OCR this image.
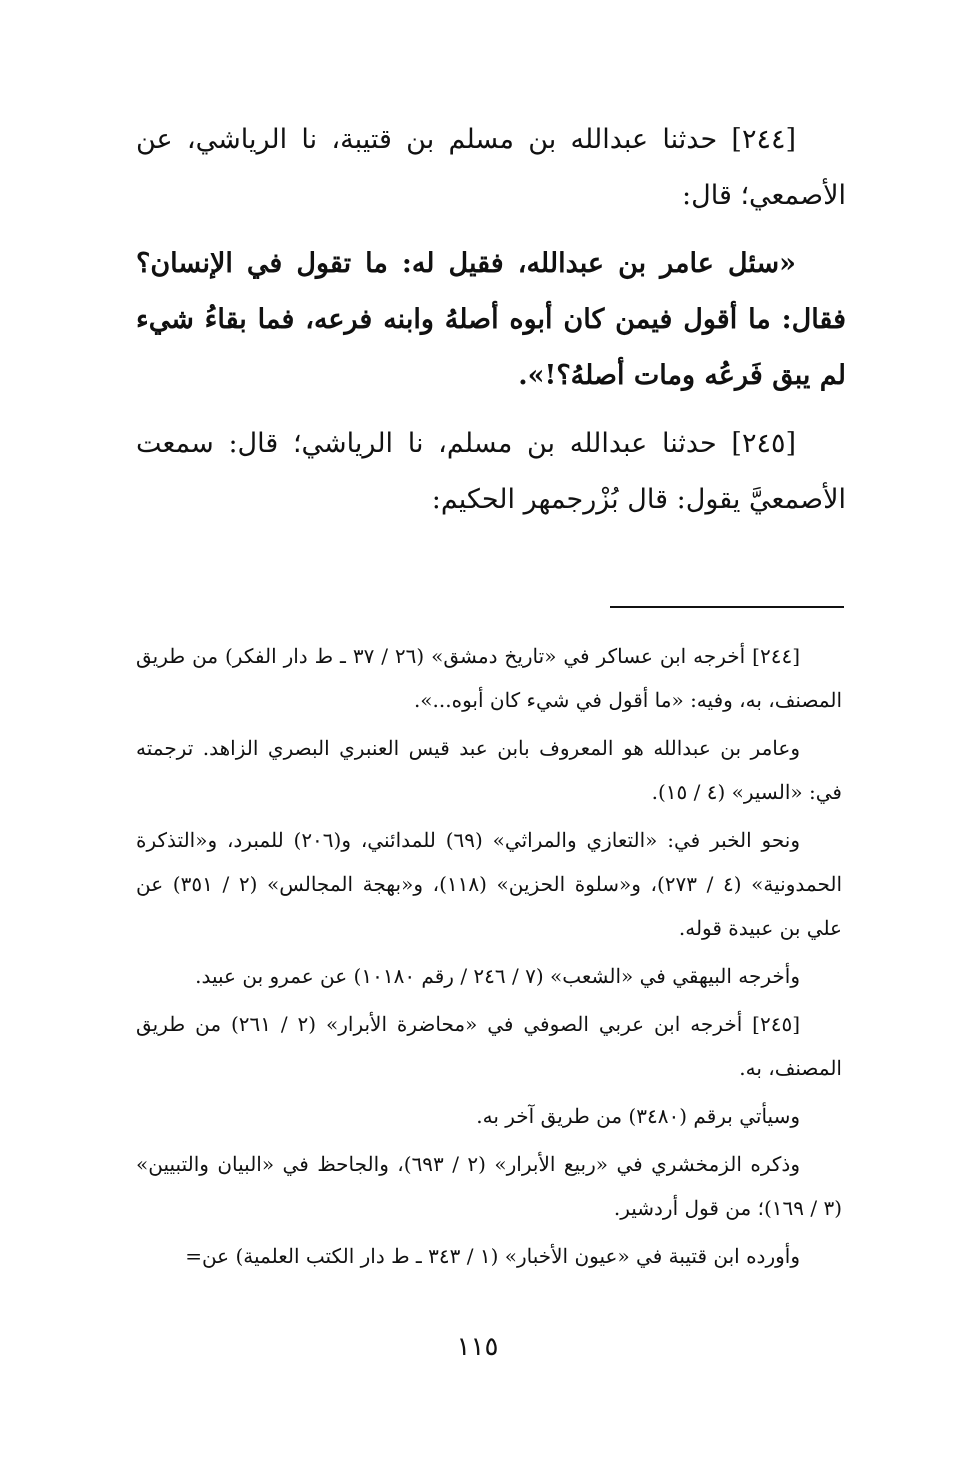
[٢٤٤] حدثنا عبدالله بن مسلم بن قتيبة، نا الرياشي، عن الأصمعي؛ قال:

«سئل عامر بن عبدالله، فقيل له: ما تقول في الإنسان؟ فقال: ما أقول فيمن كان أبوه أصلهُ وابنه فرعه، فما بقاءُ شيء لم يبق فَرعُه ومات أصلهُ؟!».

[٢٤٥] حدثنا عبدالله بن مسلم، نا الرياشي؛ قال: سمعت الأصمعيَّ يقول: قال بُزْرجمهر الحكيم:

[٢٤٤] أخرجه ابن عساكر في «تاريخ دمشق» (٢٦ / ٣٧ ـ ط دار الفكر) من طريق المصنف، به، وفيه: «ما أقول في شيء كان أبوه...».

وعامر بن عبدالله هو المعروف بابن عبد قيس العنبري البصري الزاهد. ترجمته في: «السير» (٤ / ١٥).

ونحو الخبر في: «التعازي والمراثي» (٦٩) للمدائني، و(٢٠٦) للمبرد، و«التذكرة الحمدونية» (٤ / ٢٧٣)، و«سلوة الحزين» (١١٨)، و«بهجة المجالس» (٢ / ٣٥١) عن علي بن عبيدة قوله.

وأخرجه البيهقي في «الشعب» (٧ / ٢٤٦ / رقم ١٠١٨٠) عن عمرو بن عبيد.

[٢٤٥] أخرجه ابن عربي الصوفي في «محاضرة الأبرار» (٢ / ٢٦١) من طريق المصنف، به.

وسيأتي برقم (٣٤٨٠) من طريق آخر به.

وذكره الزمخشري في «ربيع الأبرار» (٢ / ٦٩٣)، والجاحظ في «البيان والتبيين» (٣ / ١٦٩)؛ من قول أردشير.

وأورده ابن قتيبة في «عيون الأخبار» (١ / ٣٤٣ ـ ط دار الكتب العلمية) عن=

١١٥
